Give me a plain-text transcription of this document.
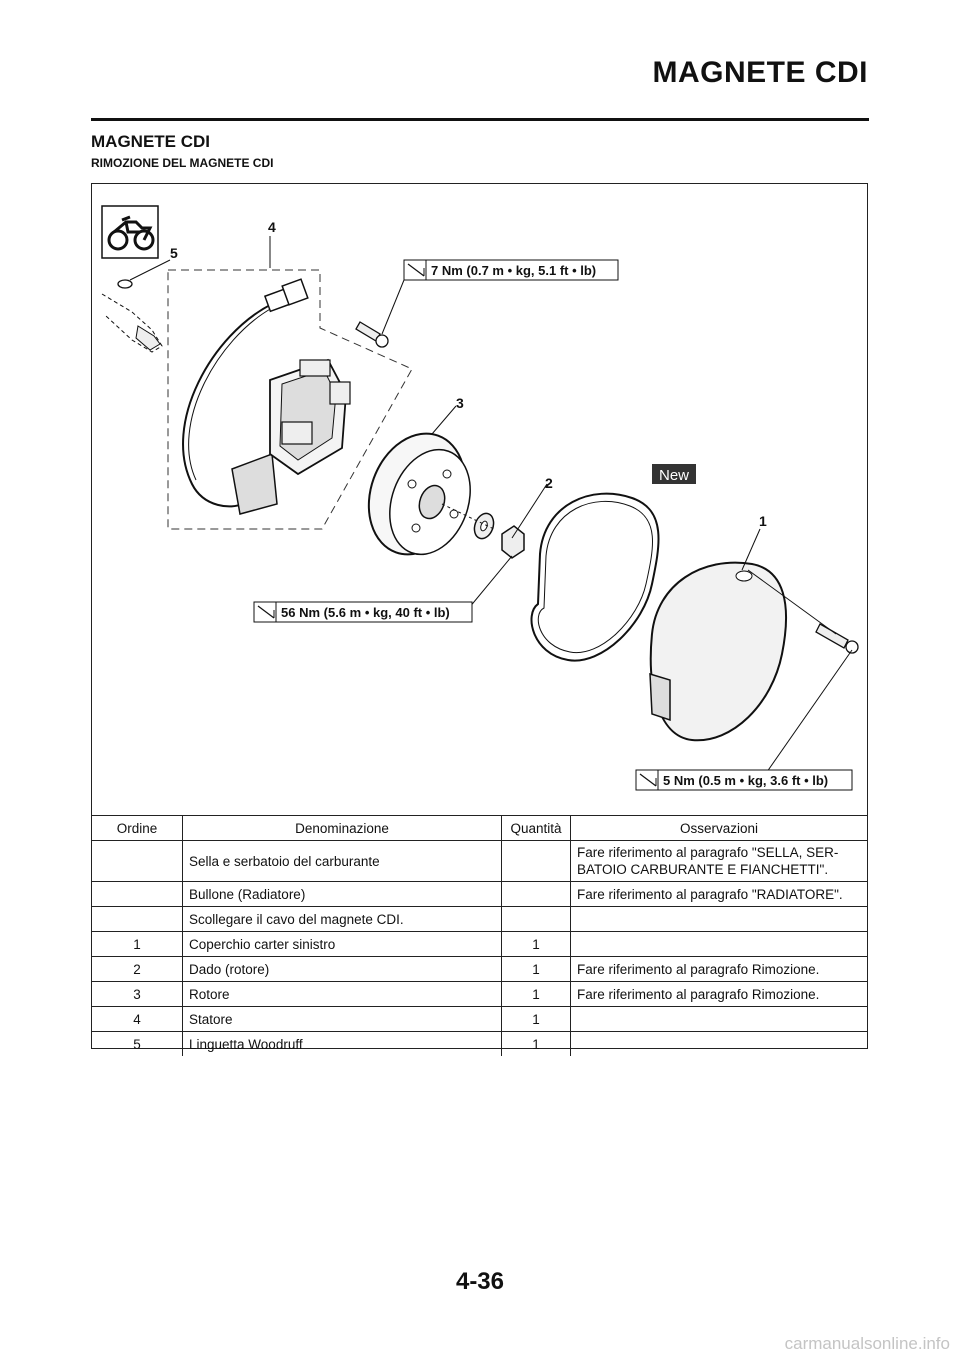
MAGNETE CDI
MAGNETE CDI
RIMOZIONE DEL MAGNETE CDI
4
5
3
2
1
7 Nm (0.7 m • kg, 5.1 ft • lb)
56 Nm (5.6 m • kg, 40 ft • lb)
5 Nm (0.5 m • kg, 3.6 ft • lb)
New
Ordine	Denominazione	Quantità	Osservazioni
	Sella e serbatoio del carburante		Fare riferimento al paragrafo "SELLA, SER-BATOIO CARBURANTE E FIANCHETTI".
	Bullone (Radiatore)		Fare riferimento al paragrafo "RADIATORE".
	Scollegare il cavo del magnete CDI.		
1	Coperchio carter sinistro	1	
2	Dado (rotore)	1	Fare riferimento al paragrafo Rimozione.
3	Rotore	1	Fare riferimento al paragrafo Rimozione.
4	Statore	1	
5	Linguetta Woodruff	1	
4-36
carmanualsonline.info
